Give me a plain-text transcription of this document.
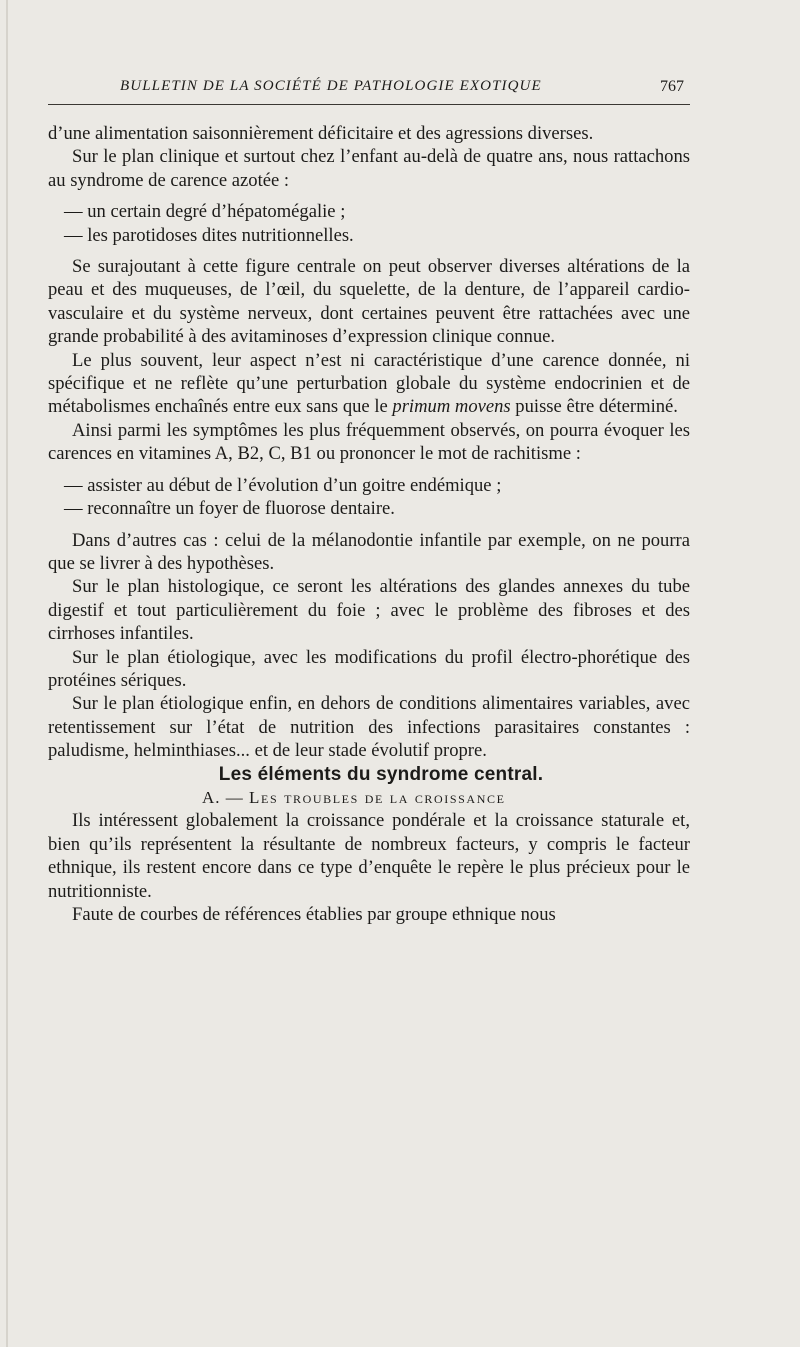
BULLETIN DE LA SOCIÉTÉ DE PATHOLOGIE EXOTIQUE	767

d’une alimentation saisonnièrement déficitaire et des agressions diverses.

Sur le plan clinique et surtout chez l’enfant au-delà de quatre ans, nous rattachons au syndrome de carence azotée :

— un certain degré d’hépatomégalie ;
— les parotidoses dites nutritionnelles.

Se surajoutant à cette figure centrale on peut observer diverses altérations de la peau et des muqueuses, de l’œil, du squelette, de la denture, de l’appareil cardio-vasculaire et du système nerveux, dont certaines peuvent être rattachées avec une grande probabilité à des avitaminoses d’expression clinique connue.

Le plus souvent, leur aspect n’est ni caractéristique d’une carence donnée, ni spécifique et ne reflète qu’une perturbation globale du système endocrinien et de métabolismes enchaînés entre eux sans que le primum movens puisse être déterminé.

Ainsi parmi les symptômes les plus fréquemment observés, on pourra évoquer les carences en vitamines A, B2, C, B1 ou prononcer le mot de rachitisme :

— assister au début de l’évolution d’un goitre endémique ;
— reconnaître un foyer de fluorose dentaire.

Dans d’autres cas : celui de la mélanodontie infantile par exemple, on ne pourra que se livrer à des hypothèses.

Sur le plan histologique, ce seront les altérations des glandes annexes du tube digestif et tout particulièrement du foie ; avec le problème des fibroses et des cirrhoses infantiles.

Sur le plan étiologique, avec les modifications du profil électro-phorétique des protéines sériques.

Sur le plan étiologique enfin, en dehors de conditions alimentaires variables, avec retentissement sur l’état de nutrition des infections parasitaires constantes : paludisme, helminthiases... et de leur stade évolutif propre.

Les éléments du syndrome central.

A. — Les troubles de la croissance

Ils intéressent globalement la croissance pondérale et la croissance staturale et, bien qu’ils représentent la résultante de nombreux facteurs, y compris le facteur ethnique, ils restent encore dans ce type d’enquête le repère le plus précieux pour le nutritionniste.

Faute de courbes de références établies par groupe ethnique nous
